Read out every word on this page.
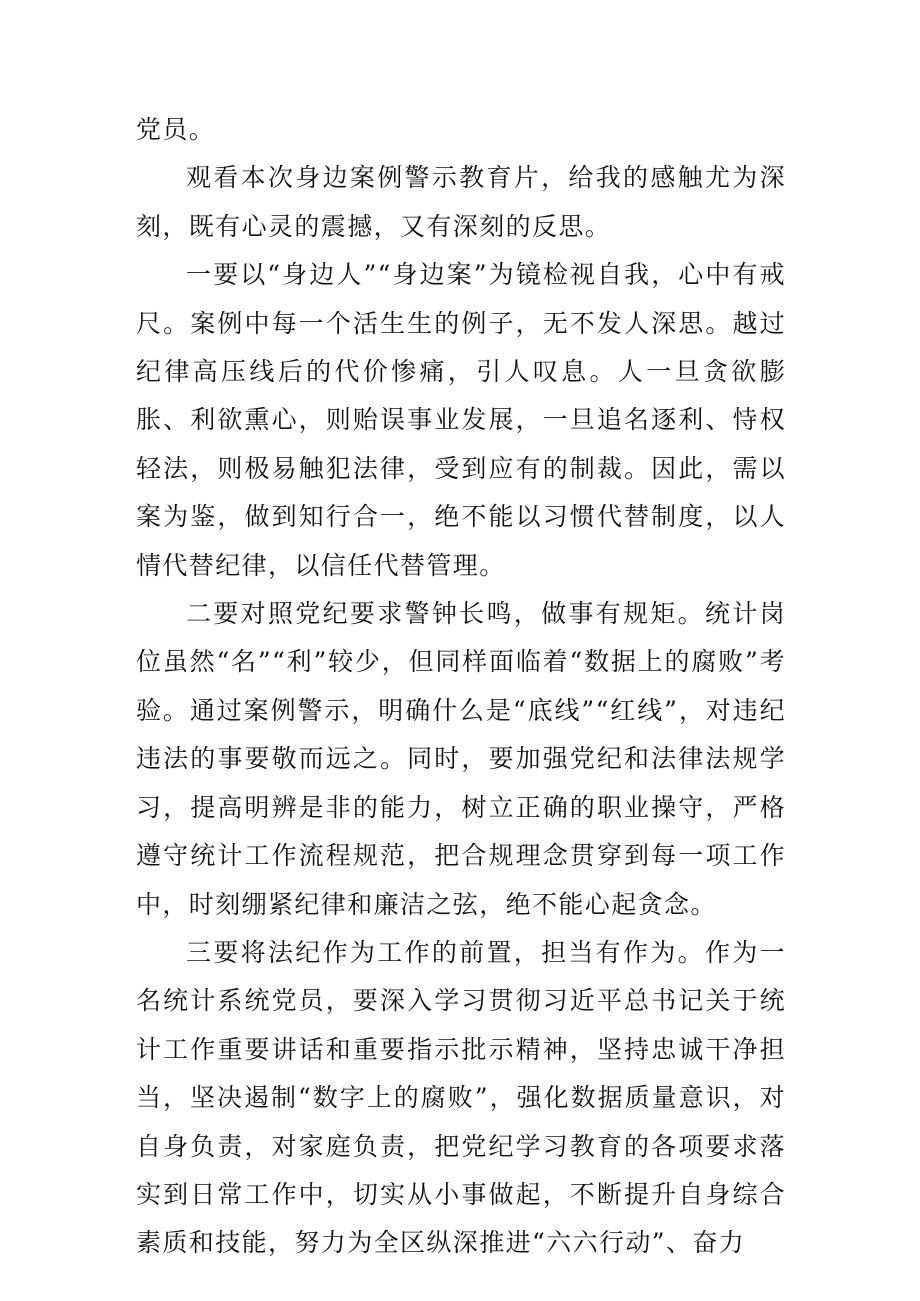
党员。

观看本次身边案例警示教育片，给我的感触尤为深刻，既有心灵的震撼，又有深刻的反思。

一要以“身边人”“身边案”为镜检视自我，心中有戒尺。案例中每一个活生生的例子，无不发人深思。越过纪律高压线后的代价惨痛，引人叹息。人一旦贪欲膨胀、利欲熏心，则贻误事业发展，一旦追名逐利、恃权轻法，则极易触犯法律，受到应有的制裁。因此，需以案为鉴，做到知行合一，绝不能以习惯代替制度，以人情代替纪律，以信任代替管理。

二要对照党纪要求警钟长鸣，做事有规矩。统计岗位虽然“名”“利”较少，但同样面临着“数据上的腐败”考验。通过案例警示，明确什么是“底线”“红线”，对违纪违法的事要敬而远之。同时，要加强党纪和法律法规学习，提高明辨是非的能力，树立正确的职业操守，严格遵守统计工作流程规范，把合规理念贯穿到每一项工作中，时刻绷紧纪律和廉洁之弦，绝不能心起贪念。

三要将法纪作为工作的前置，担当有作为。作为一名统计系统党员，要深入学习贯彻习近平总书记关于统计工作重要讲话和重要指示批示精神，坚持忠诚干净担当，坚决遏制“数字上的腐败”，强化数据质量意识，对自身负责，对家庭负责，把党纪学习教育的各项要求落实到日常工作中，切实从小事做起，不断提升自身综合素质和技能，努力为全区纵深推进“六六行动”、奋力
